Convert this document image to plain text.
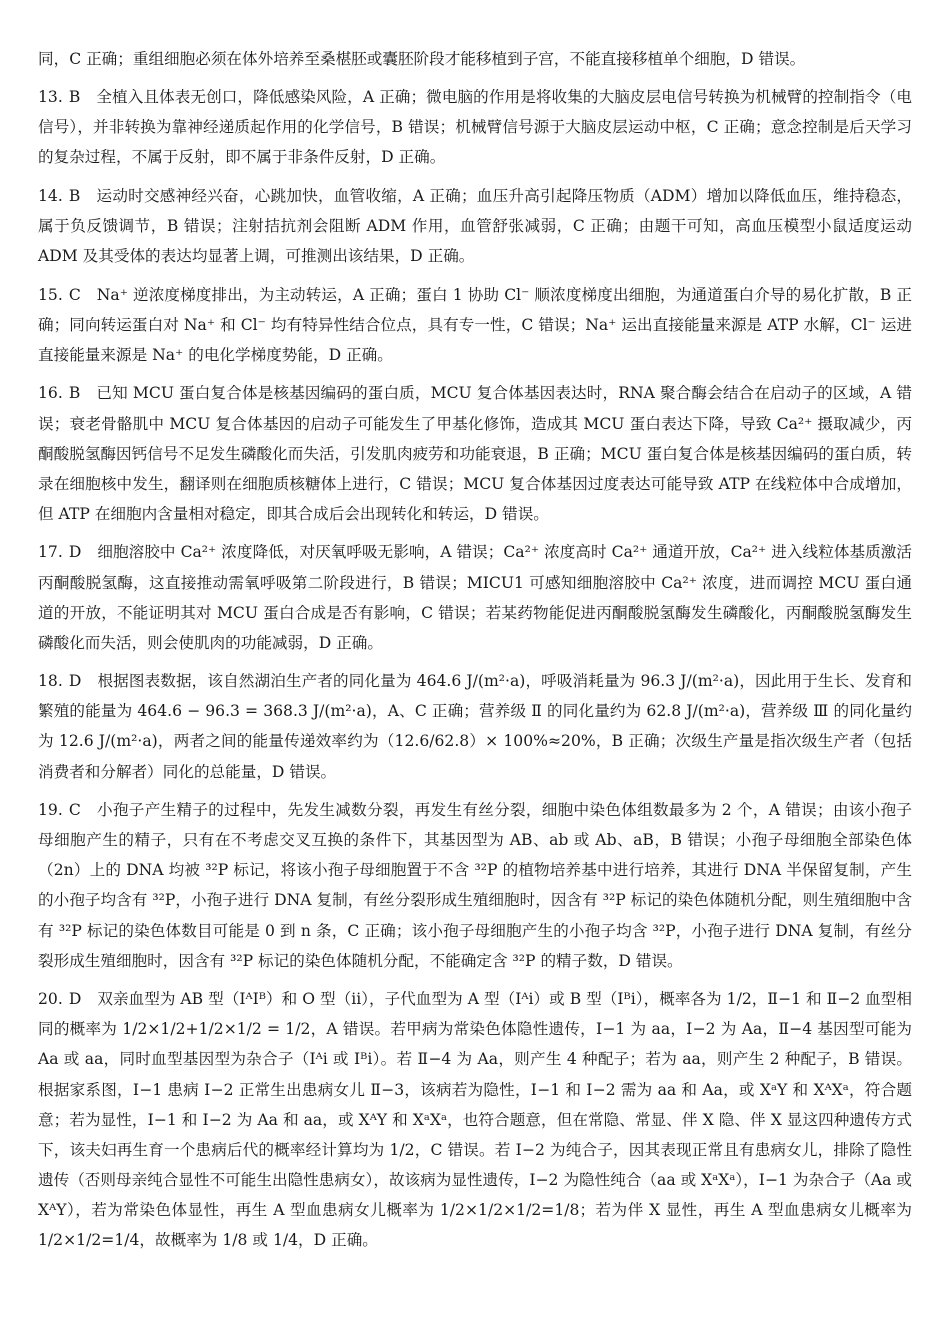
同，C 正确；重组细胞必须在体外培养至桑椹胚或囊胚阶段才能移植到子宫，不能直接移植单个细胞，D 错误。

13. B 全植入且体表无创口，降低感染风险，A 正确；微电脑的作用是将收集的大脑皮层电信号转换为机械臂的控制指令（电信号），并非转换为靠神经递质起作用的化学信号，B 错误；机械臂信号源于大脑皮层运动中枢，C 正确；意念控制是后天学习的复杂过程，不属于反射，即不属于非条件反射，D 正确。

14. B 运动时交感神经兴奋，心跳加快，血管收缩，A 正确；血压升高引起降压物质（ADM）增加以降低血压，维持稳态，属于负反馈调节，B 错误；注射拮抗剂会阻断 ADM 作用，血管舒张减弱，C 正确；由题干可知，高血压模型小鼠适度运动 ADM 及其受体的表达均显著上调，可推测出该结果，D 正确。

15. C Na⁺ 逆浓度梯度排出，为主动转运，A 正确；蛋白 1 协助 Cl⁻ 顺浓度梯度出细胞，为通道蛋白介导的易化扩散，B 正确；同向转运蛋白对 Na⁺ 和 Cl⁻ 均有特异性结合位点，具有专一性，C 错误；Na⁺ 运出直接能量来源是 ATP 水解，Cl⁻ 运进直接能量来源是 Na⁺ 的电化学梯度势能，D 正确。

16. B 已知 MCU 蛋白复合体是核基因编码的蛋白质，MCU 复合体基因表达时，RNA 聚合酶会结合在启动子的区域，A 错误；衰老骨骼肌中 MCU 复合体基因的启动子可能发生了甲基化修饰，造成其 MCU 蛋白表达下降，导致 Ca²⁺ 摄取减少，丙酮酸脱氢酶因钙信号不足发生磷酸化而失活，引发肌肉疲劳和功能衰退，B 正确；MCU 蛋白复合体是核基因编码的蛋白质，转录在细胞核中发生，翻译则在细胞质核糖体上进行，C 错误；MCU 复合体基因过度表达可能导致 ATP 在线粒体中合成增加，但 ATP 在细胞内含量相对稳定，即其合成后会出现转化和转运，D 错误。

17. D 细胞溶胶中 Ca²⁺ 浓度降低，对厌氧呼吸无影响，A 错误；Ca²⁺ 浓度高时 Ca²⁺ 通道开放，Ca²⁺ 进入线粒体基质激活丙酮酸脱氢酶，这直接推动需氧呼吸第二阶段进行，B 错误；MICU1 可感知细胞溶胶中 Ca²⁺ 浓度，进而调控 MCU 蛋白通道的开放，不能证明其对 MCU 蛋白合成是否有影响，C 错误；若某药物能促进丙酮酸脱氢酶发生磷酸化，丙酮酸脱氢酶发生磷酸化而失活，则会使肌肉的功能减弱，D 正确。

18. D 根据图表数据，该自然湖泊生产者的同化量为 464.6 J/(m²·a)，呼吸消耗量为 96.3 J/(m²·a)，因此用于生长、发育和繁殖的能量为 464.6 − 96.3 = 368.3 J/(m²·a)，A、C 正确；营养级 Ⅱ 的同化量约为 62.8 J/(m²·a)，营养级 Ⅲ 的同化量约为 12.6 J/(m²·a)，两者之间的能量传递效率约为（12.6/62.8）× 100%≈20%，B 正确；次级生产量是指次级生产者（包括消费者和分解者）同化的总能量，D 错误。

19. C 小孢子产生精子的过程中，先发生减数分裂，再发生有丝分裂，细胞中染色体组数最多为 2 个，A 错误；由该小孢子母细胞产生的精子，只有在不考虑交叉互换的条件下，其基因型为 AB、ab 或 Ab、aB，B 错误；小孢子母细胞全部染色体（2n）上的 DNA 均被 ³²P 标记，将该小孢子母细胞置于不含 ³²P 的植物培养基中进行培养，其进行 DNA 半保留复制，产生的小孢子均含有 ³²P，小孢子进行 DNA 复制，有丝分裂形成生殖细胞时，因含有 ³²P 标记的染色体随机分配，则生殖细胞中含有 ³²P 标记的染色体数目可能是 0 到 n 条，C 正确；该小孢子母细胞产生的小孢子均含 ³²P，小孢子进行 DNA 复制，有丝分裂形成生殖细胞时，因含有 ³²P 标记的染色体随机分配，不能确定含 ³²P 的精子数，D 错误。

20. D 双亲血型为 AB 型（IᴬIᴮ）和 O 型（ii），子代血型为 A 型（Iᴬi）或 B 型（Iᴮi），概率各为 1/2，Ⅱ−1 和 Ⅱ−2 血型相同的概率为 1/2×1/2+1/2×1/2 = 1/2，A 错误。若甲病为常染色体隐性遗传，Ⅰ−1 为 aa，Ⅰ−2 为 Aa，Ⅱ−4 基因型可能为 Aa 或 aa，同时血型基因型为杂合子（Iᴬi 或 Iᴮi）。若 Ⅱ−4 为 Aa，则产生 4 种配子；若为 aa，则产生 2 种配子，B 错误。根据家系图，Ⅰ−1 患病 Ⅰ−2 正常生出患病女儿 Ⅱ−3，该病若为隐性，Ⅰ−1 和 Ⅰ−2 需为 aa 和 Aa，或 XᵃY 和 XᴬXᵃ，符合题意；若为显性，Ⅰ−1 和 Ⅰ−2 为 Aa 和 aa，或 XᴬY 和 XᵃXᵃ，也符合题意，但在常隐、常显、伴 X 隐、伴 X 显这四种遗传方式下，该夫妇再生育一个患病后代的概率经计算均为 1/2，C 错误。若 Ⅰ−2 为纯合子，因其表现正常且有患病女儿，排除了隐性遗传（否则母亲纯合显性不可能生出隐性患病女），故该病为显性遗传，Ⅰ−2 为隐性纯合（aa 或 XᵃXᵃ），Ⅰ−1 为杂合子（Aa 或 XᴬY），若为常染色体显性，再生 A 型血患病女儿概率为 1/2×1/2×1/2=1/8；若为伴 X 显性，再生 A 型血患病女儿概率为 1/2×1/2=1/4，故概率为 1/8 或 1/4，D 正确。
